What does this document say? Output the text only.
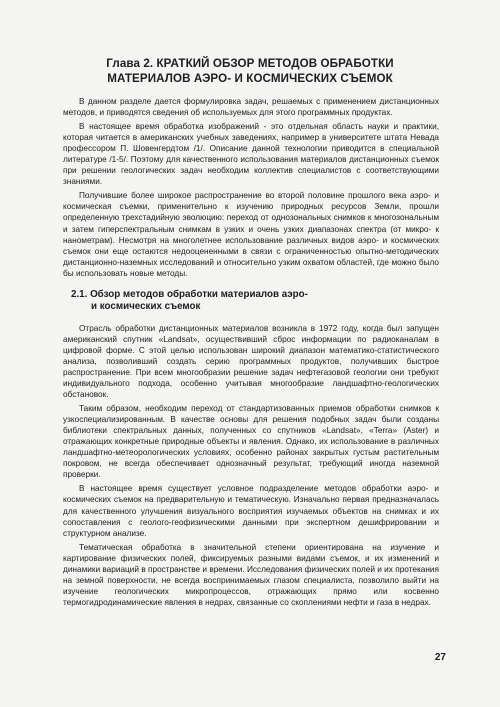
Глава 2. КРАТКИЙ ОБЗОР МЕТОДОВ ОБРАБОТКИ
МАТЕРИАЛОВ АЭРО- И КОСМИЧЕСКИХ СЪЕМОК

В данном разделе дается формулировка задач, решаемых с применением дистанционных методов, и приводятся сведения об используемых для этого программных продуктах.

В настоящее время обработка изображений - это отдельная область науки и практики, которая читается в американских учебных заведениях, например в университете штата Невада профессором П. Шовенгердтом /1/. Описание данной технологии приводится в специальной литературе /1-5/. Поэтому для качественного использования материалов дистанционных съемок при решении геологических задач необходим коллектив специалистов с соответствующими знаниями.

Получившие более широкое распространение во второй половине прошлого века аэро- и космическая съемки, применительно к изучению природных ресурсов Земли, прошли определенную трехстадийную эволюцию: переход от однозональных снимков к многозональным и затем гиперспектральным снимкам в узких и очень узких диапазонах спектра (от микро- к нанометрам). Несмотря на многолетнее использование различных видов аэро- и космических съемок они еще остаются недооцененными в связи с ограниченностью опытно-методических дистанционно-наземных исследований и относительно узким охватом областей, где можно было бы использовать новые методы.

2.1. Обзор методов обработки материалов аэро-
и космических съемок

Отрасль обработки дистанционных материалов возникла в 1972 году, когда был запущен американский спутник «Landsat», осуществивший сброс информации по радиоканалам в цифровой форме. С этой целью использован широкий диапазон математико-статистического анализа, позволивший создать серию программных продуктов, получивших быстрое распространение. При всем многообразии решение задач нефтегазовой геологии они требуют индивидуального подхода, особенно учитывая многообразие ландшафтно-геологических обстановок.

Таким образом, необходим переход от стандартизованных приемов обработки снимков к узкоспециализированным. В качестве основы для решения подобных задач были созданы библиотеки спектральных данных, полученных со спутников «Landsat», «Terra» (Aster) и отражающих конкретные природные объекты и явления. Однако, их использование в различных ландшафтно-метеорологических условиях, особенно районах закрытых густым растительным покровом, не всегда обеспечивает однозначный результат, требующий иногда наземной проверки.

В настоящее время существует условное подразделение методов обработки аэро- и космических съемок на предварительную и тематическую. Изначально первая предназначалась для качественного улучшения визуального восприятия изучаемых объектов на снимках и их сопоставления с геолого-геофизическими данными при экспертном дешифрировании и структурном анализе.

Тематическая обработка в значительной степени ориентирована на изучение и картирование физических полей, фиксируемых разными видами съемок, и их изменений и динамики вариаций в пространстве и времени. Исследования физических полей и их протекания на земной поверхности, не всегда воспринимаемых глазом специалиста, позволило выйти на изучение геологических микропроцессов, отражающих прямо или косвенно термогидродинамические явления в недрах, связанные со скоплениями нефти и газа в недрах.

27
